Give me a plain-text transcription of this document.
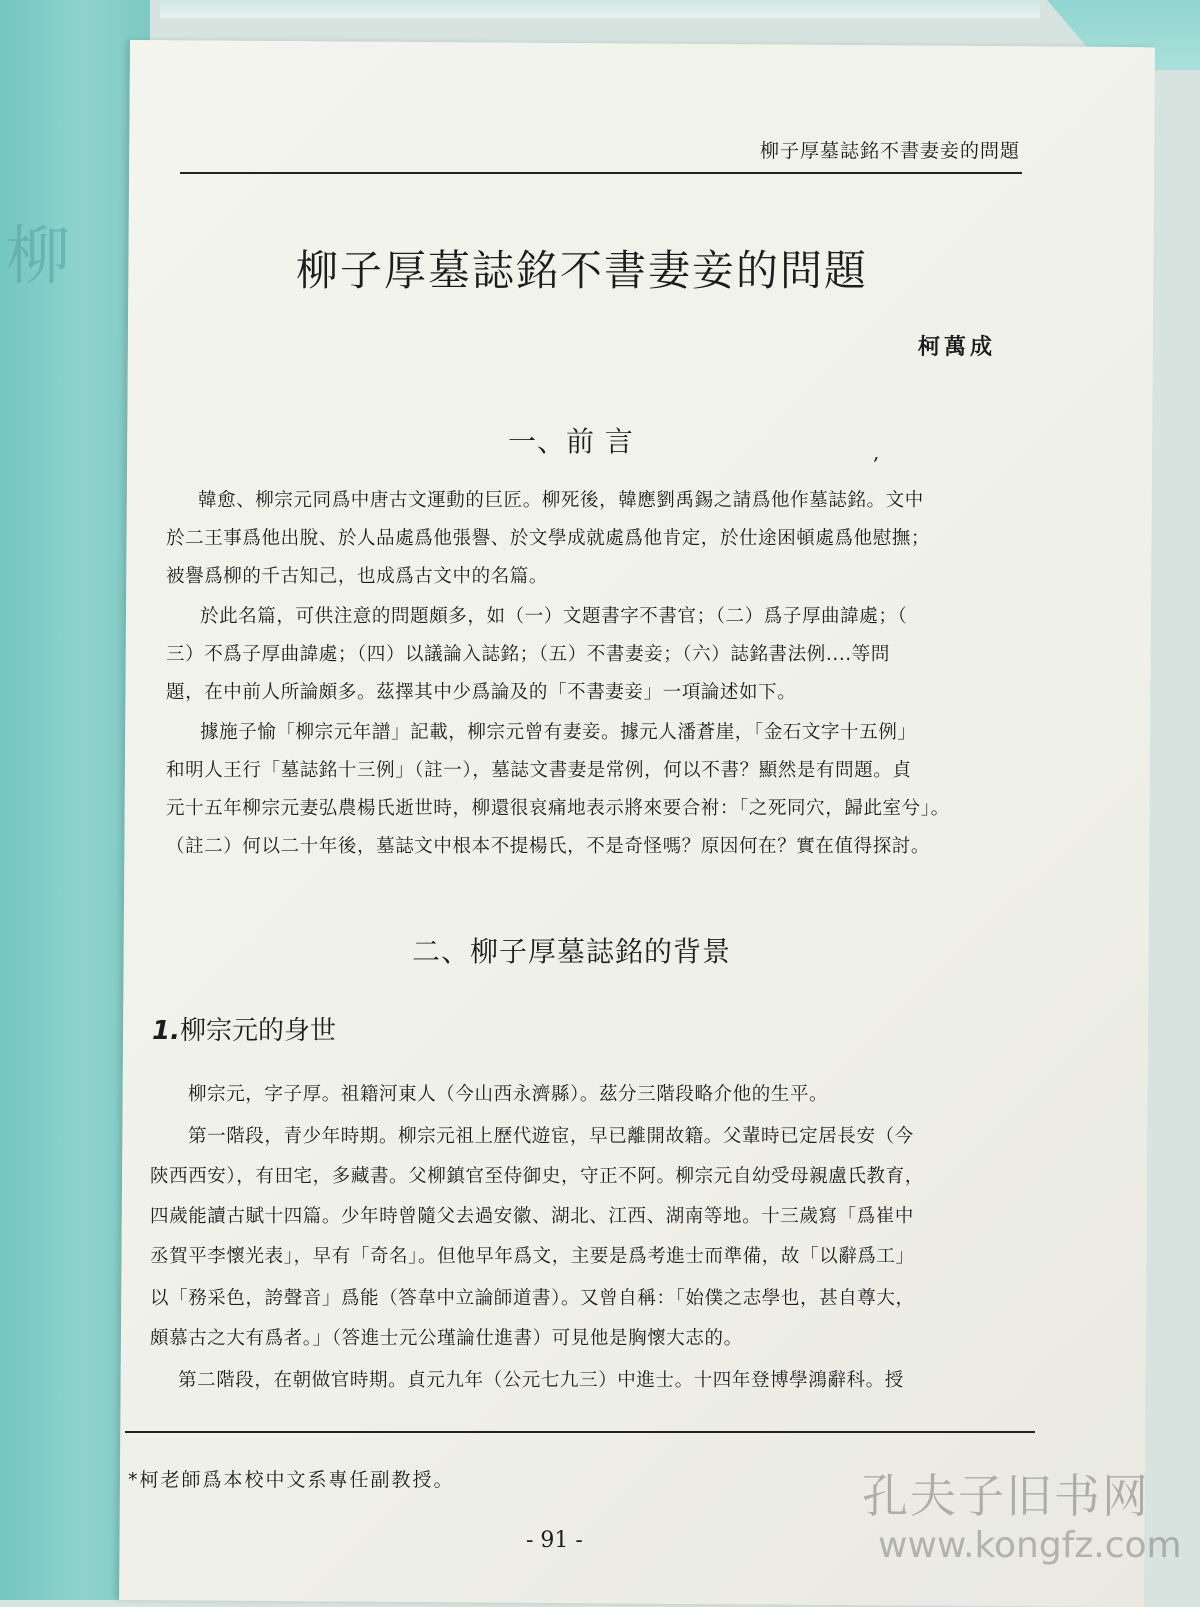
柳
柳子厚墓誌銘不書妻妾的問題
柳子厚墓誌銘不書妻妾的問題
柯萬成
一、前 言	,
韓愈、柳宗元同爲中唐古文運動的巨匠。柳死後，韓應劉禹錫之請爲他作墓誌銘。文中
於二王事爲他出脫、於人品處爲他張譽、於文學成就處爲他肯定，於仕途困頓處爲他慰撫；
被譽爲柳的千古知己，也成爲古文中的名篇。
於此名篇，可供注意的問題頗多，如（一）文題書字不書官；（二）爲子厚曲諱處；（
三）不爲子厚曲諱處；（四）以議論入誌銘；（五）不書妻妾；（六）誌銘書法例....等問
題，在中前人所論頗多。茲擇其中少爲論及的「不書妻妾」一項論述如下。
據施子愉「柳宗元年譜」記載，柳宗元曾有妻妾。據元人潘蒼崖，「金石文字十五例」
和明人王行「墓誌銘十三例」（註一），墓誌文書妻是常例，何以不書？顯然是有問題。貞
元十五年柳宗元妻弘農楊氏逝世時，柳還很哀痛地表示將來要合祔：「之死同穴，歸此室兮」。
（註二）何以二十年後，墓誌文中根本不提楊氏，不是奇怪嗎？原因何在？實在值得探討。
二、柳子厚墓誌銘的背景
1.柳宗元的身世
柳宗元，字子厚。祖籍河東人（今山西永濟縣）。茲分三階段略介他的生平。
第一階段，青少年時期。柳宗元祖上歷代遊宦，早已離開故籍。父輩時已定居長安（今
陝西西安），有田宅，多藏書。父柳鎮官至侍御史，守正不阿。柳宗元自幼受母親盧氏教育，
四歲能讀古賦十四篇。少年時曾隨父去過安徽、湖北、江西、湖南等地。十三歲寫「爲崔中
丞賀平李懷光表」，早有「奇名」。但他早年爲文，主要是爲考進士而準備，故「以辭爲工」
以「務采色，誇聲音」爲能（答韋中立論師道書）。又曾自稱：「始僕之志學也，甚自尊大，
頗慕古之大有爲者。」（答進士元公瑾論仕進書）可見他是胸懷大志的。
第二階段，在朝做官時期。貞元九年（公元七九三）中進士。十四年登博學鴻辭科。授
*柯老師爲本校中文系專任副教授。
- 91 -
孔夫子旧书网
www.kongfz.com
